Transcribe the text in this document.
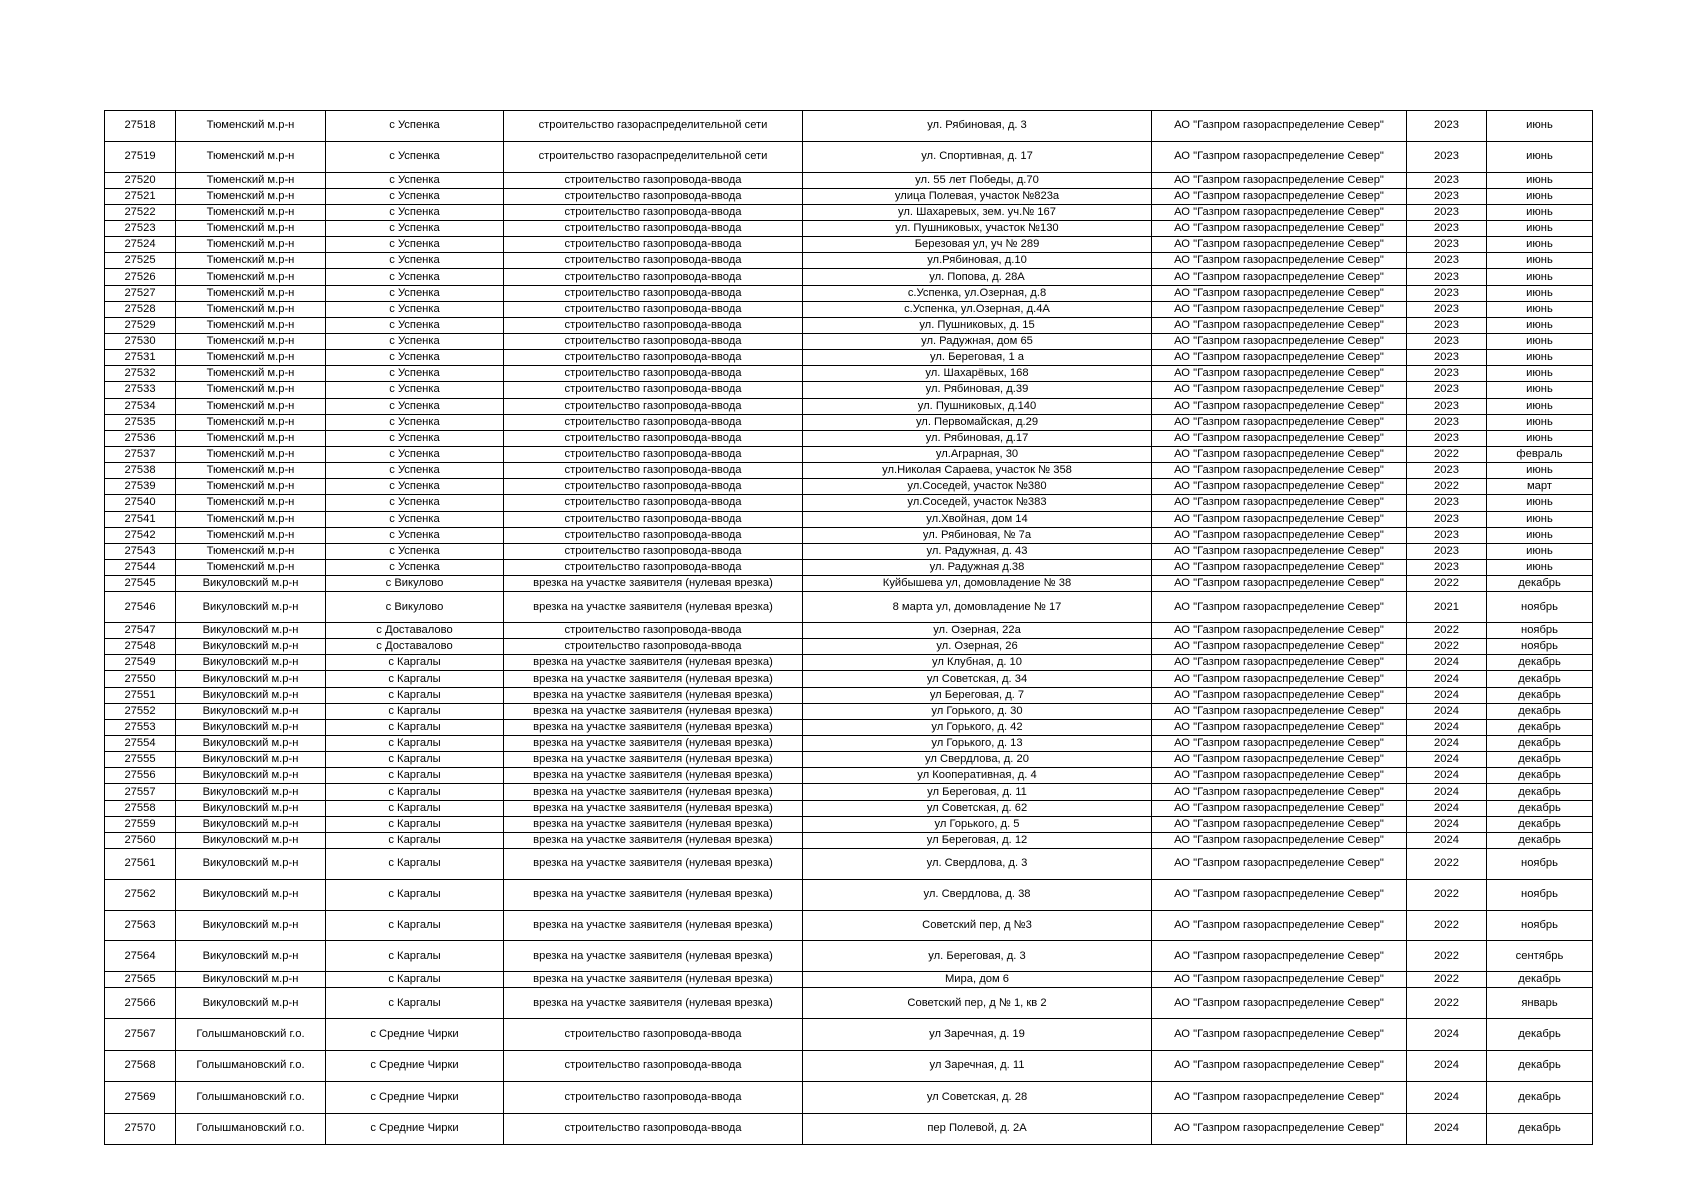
27518	Тюменский м.р-н	с Успенка	строительство газораспределительной сети	ул. Рябиновая, д. 3	АО "Газпром газораспределение Север"	2023	июнь
27519	Тюменский м.р-н	с Успенка	строительство газораспределительной сети	ул. Спортивная, д. 17	АО "Газпром газораспределение Север"	2023	июнь
27520	Тюменский м.р-н	с Успенка	строительство газопровода-ввода	ул. 55 лет Победы, д.70	АО "Газпром газораспределение Север"	2023	июнь
27521	Тюменский м.р-н	с Успенка	строительство газопровода-ввода	улица Полевая, участок №823а	АО "Газпром газораспределение Север"	2023	июнь
27522	Тюменский м.р-н	с Успенка	строительство газопровода-ввода	ул. Шахаревых, зем. уч.№ 167	АО "Газпром газораспределение Север"	2023	июнь
27523	Тюменский м.р-н	с Успенка	строительство газопровода-ввода	ул. Пушниковых, участок №130	АО "Газпром газораспределение Север"	2023	июнь
27524	Тюменский м.р-н	с Успенка	строительство газопровода-ввода	Березовая ул, уч № 289	АО "Газпром газораспределение Север"	2023	июнь
27525	Тюменский м.р-н	с Успенка	строительство газопровода-ввода	ул.Рябиновая, д.10	АО "Газпром газораспределение Север"	2023	июнь
27526	Тюменский м.р-н	с Успенка	строительство газопровода-ввода	ул. Попова, д. 28А	АО "Газпром газораспределение Север"	2023	июнь
27527	Тюменский м.р-н	с Успенка	строительство газопровода-ввода	с.Успенка, ул.Озерная, д.8	АО "Газпром газораспределение Север"	2023	июнь
27528	Тюменский м.р-н	с Успенка	строительство газопровода-ввода	с.Успенка, ул.Озерная, д.4А	АО "Газпром газораспределение Север"	2023	июнь
27529	Тюменский м.р-н	с Успенка	строительство газопровода-ввода	ул. Пушниковых, д. 15	АО "Газпром газораспределение Север"	2023	июнь
27530	Тюменский м.р-н	с Успенка	строительство газопровода-ввода	ул. Радужная, дом 65	АО "Газпром газораспределение Север"	2023	июнь
27531	Тюменский м.р-н	с Успенка	строительство газопровода-ввода	ул. Береговая, 1 а	АО "Газпром газораспределение Север"	2023	июнь
27532	Тюменский м.р-н	с Успенка	строительство газопровода-ввода	ул. Шахарёвых, 168	АО "Газпром газораспределение Север"	2023	июнь
27533	Тюменский м.р-н	с Успенка	строительство газопровода-ввода	ул. Рябиновая, д.39	АО "Газпром газораспределение Север"	2023	июнь
27534	Тюменский м.р-н	с Успенка	строительство газопровода-ввода	ул. Пушниковых, д.140	АО "Газпром газораспределение Север"	2023	июнь
27535	Тюменский м.р-н	с Успенка	строительство газопровода-ввода	ул. Первомайская, д.29	АО "Газпром газораспределение Север"	2023	июнь
27536	Тюменский м.р-н	с Успенка	строительство газопровода-ввода	ул. Рябиновая, д.17	АО "Газпром газораспределение Север"	2023	июнь
27537	Тюменский м.р-н	с Успенка	строительство газопровода-ввода	ул.Аграрная, 30	АО "Газпром газораспределение Север"	2022	февраль
27538	Тюменский м.р-н	с Успенка	строительство газопровода-ввода	ул.Николая Сараева, участок № 358	АО "Газпром газораспределение Север"	2023	июнь
27539	Тюменский м.р-н	с Успенка	строительство газопровода-ввода	ул.Соседей, участок №380	АО "Газпром газораспределение Север"	2022	март
27540	Тюменский м.р-н	с Успенка	строительство газопровода-ввода	ул.Соседей, участок №383	АО "Газпром газораспределение Север"	2023	июнь
27541	Тюменский м.р-н	с Успенка	строительство газопровода-ввода	ул.Хвойная, дом 14	АО "Газпром газораспределение Север"	2023	июнь
27542	Тюменский м.р-н	с Успенка	строительство газопровода-ввода	ул. Рябиновая, № 7а	АО "Газпром газораспределение Север"	2023	июнь
27543	Тюменский м.р-н	с Успенка	строительство газопровода-ввода	ул. Радужная, д. 43	АО "Газпром газораспределение Север"	2023	июнь
27544	Тюменский м.р-н	с Успенка	строительство газопровода-ввода	ул. Радужная д.38	АО "Газпром газораспределение Север"	2023	июнь
27545	Викуловский м.р-н	с Викулово	врезка на участке заявителя (нулевая врезка)	Куйбышева ул, домовладение № 38	АО "Газпром газораспределение Север"	2022	декабрь
27546	Викуловский м.р-н	с Викулово	врезка на участке заявителя (нулевая врезка)	8 марта ул, домовладение № 17	АО "Газпром газораспределение Север"	2021	ноябрь
27547	Викуловский м.р-н	с Доставалово	строительство газопровода-ввода	ул. Озерная, 22а	АО "Газпром газораспределение Север"	2022	ноябрь
27548	Викуловский м.р-н	с Доставалово	строительство газопровода-ввода	ул. Озерная, 26	АО "Газпром газораспределение Север"	2022	ноябрь
27549	Викуловский м.р-н	с Каргалы	врезка на участке заявителя (нулевая врезка)	ул Клубная, д. 10	АО "Газпром газораспределение Север"	2024	декабрь
27550	Викуловский м.р-н	с Каргалы	врезка на участке заявителя (нулевая врезка)	ул Советская, д. 34	АО "Газпром газораспределение Север"	2024	декабрь
27551	Викуловский м.р-н	с Каргалы	врезка на участке заявителя (нулевая врезка)	ул Береговая, д. 7	АО "Газпром газораспределение Север"	2024	декабрь
27552	Викуловский м.р-н	с Каргалы	врезка на участке заявителя (нулевая врезка)	ул Горького, д. 30	АО "Газпром газораспределение Север"	2024	декабрь
27553	Викуловский м.р-н	с Каргалы	врезка на участке заявителя (нулевая врезка)	ул Горького, д. 42	АО "Газпром газораспределение Север"	2024	декабрь
27554	Викуловский м.р-н	с Каргалы	врезка на участке заявителя (нулевая врезка)	ул Горького, д. 13	АО "Газпром газораспределение Север"	2024	декабрь
27555	Викуловский м.р-н	с Каргалы	врезка на участке заявителя (нулевая врезка)	ул Свердлова, д. 20	АО "Газпром газораспределение Север"	2024	декабрь
27556	Викуловский м.р-н	с Каргалы	врезка на участке заявителя (нулевая врезка)	ул Кооперативная, д. 4	АО "Газпром газораспределение Север"	2024	декабрь
27557	Викуловский м.р-н	с Каргалы	врезка на участке заявителя (нулевая врезка)	ул Береговая, д. 11	АО "Газпром газораспределение Север"	2024	декабрь
27558	Викуловский м.р-н	с Каргалы	врезка на участке заявителя (нулевая врезка)	ул Советская, д. 62	АО "Газпром газораспределение Север"	2024	декабрь
27559	Викуловский м.р-н	с Каргалы	врезка на участке заявителя (нулевая врезка)	ул Горького, д. 5	АО "Газпром газораспределение Север"	2024	декабрь
27560	Викуловский м.р-н	с Каргалы	врезка на участке заявителя (нулевая врезка)	ул Береговая, д. 12	АО "Газпром газораспределение Север"	2024	декабрь
27561	Викуловский м.р-н	с Каргалы	врезка на участке заявителя (нулевая врезка)	ул. Свердлова, д. 3	АО "Газпром газораспределение Север"	2022	ноябрь
27562	Викуловский м.р-н	с Каргалы	врезка на участке заявителя (нулевая врезка)	ул. Свердлова, д. 38	АО "Газпром газораспределение Север"	2022	ноябрь
27563	Викуловский м.р-н	с Каргалы	врезка на участке заявителя (нулевая врезка)	Советский пер, д №3	АО "Газпром газораспределение Север"	2022	ноябрь
27564	Викуловский м.р-н	с Каргалы	врезка на участке заявителя (нулевая врезка)	ул. Береговая, д. 3	АО "Газпром газораспределение Север"	2022	сентябрь
27565	Викуловский м.р-н	с Каргалы	врезка на участке заявителя (нулевая врезка)	Мира, дом 6	АО "Газпром газораспределение Север"	2022	декабрь
27566	Викуловский м.р-н	с Каргалы	врезка на участке заявителя (нулевая врезка)	Советский пер, д № 1, кв 2	АО "Газпром газораспределение Север"	2022	январь
27567	Голышмановский г.о.	с Средние Чирки	строительство газопровода-ввода	ул Заречная, д. 19	АО "Газпром газораспределение Север"	2024	декабрь
27568	Голышмановский г.о.	с Средние Чирки	строительство газопровода-ввода	ул Заречная, д. 11	АО "Газпром газораспределение Север"	2024	декабрь
27569	Голышмановский г.о.	с Средние Чирки	строительство газопровода-ввода	ул Советская, д. 28	АО "Газпром газораспределение Север"	2024	декабрь
27570	Голышмановский г.о.	с Средние Чирки	строительство газопровода-ввода	пер Полевой, д. 2А	АО "Газпром газораспределение Север"	2024	декабрь
